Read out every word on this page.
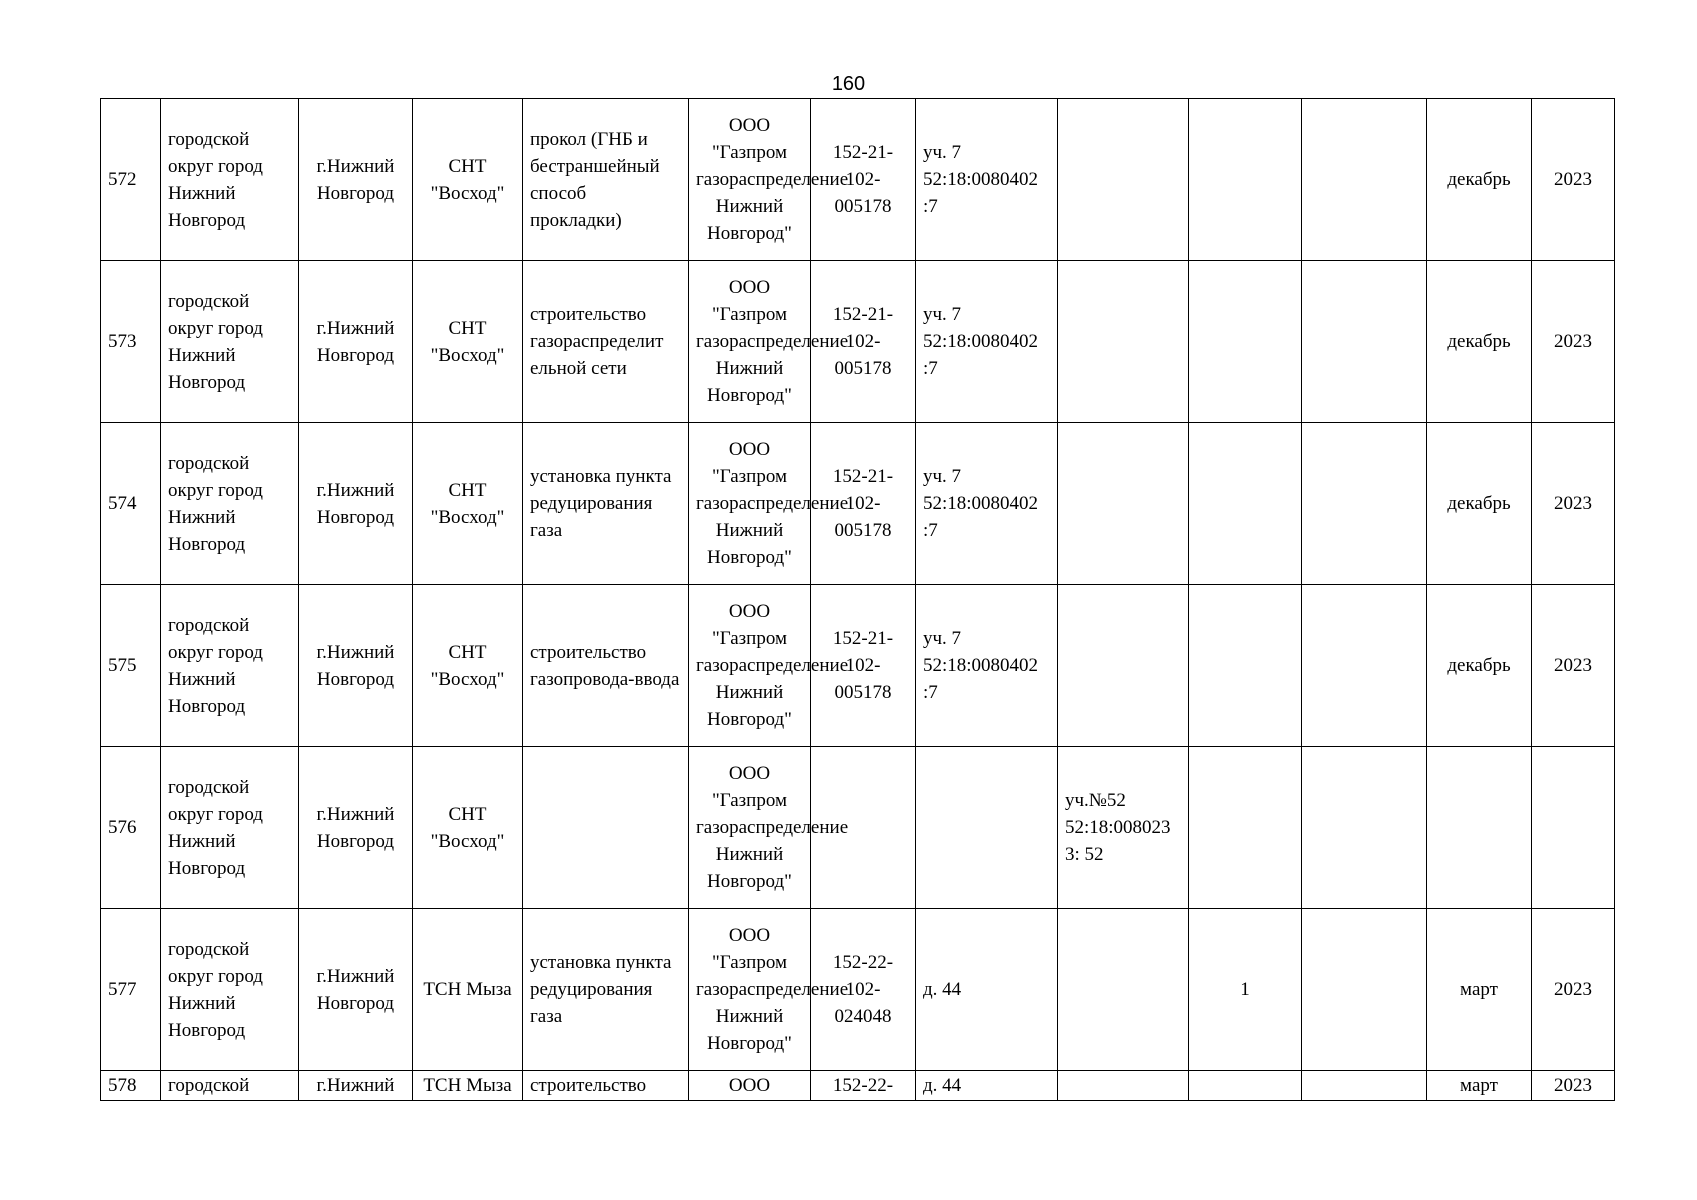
160
572	городской округ город Нижний Новгород	г.Нижний Новгород	СНТ "Восход"	прокол (ГНБ и бестраншейный способ прокладки)	ООО "Газпром газораспределение Нижний Новгород"	152-21-102-005178	уч. 7 52:18:0080402 :7				декабрь	2023
573	городской округ город Нижний Новгород	г.Нижний Новгород	СНТ "Восход"	строительство газораспределит ельной сети	ООО "Газпром газораспределение Нижний Новгород"	152-21-102-005178	уч. 7 52:18:0080402 :7				декабрь	2023
574	городской округ город Нижний Новгород	г.Нижний Новгород	СНТ "Восход"	установка пункта редуцирования газа	ООО "Газпром газораспределение Нижний Новгород"	152-21-102-005178	уч. 7 52:18:0080402 :7				декабрь	2023
575	городской округ город Нижний Новгород	г.Нижний Новгород	СНТ "Восход"	строительство газопровода-ввода	ООО "Газпром газораспределение Нижний Новгород"	152-21-102-005178	уч. 7 52:18:0080402 :7				декабрь	2023
576	городской округ город Нижний Новгород	г.Нижний Новгород	СНТ "Восход"		ООО "Газпром газораспределение Нижний Новгород"			уч.№52 52:18:008023 3: 52				
577	городской округ город Нижний Новгород	г.Нижний Новгород	ТСН Мыза	установка пункта редуцирования газа	ООО "Газпром газораспределение Нижний Новгород"	152-22-102-024048	д. 44		1		март	2023
578	городской	г.Нижний	ТСН Мыза	строительство	ООО	152-22-	д. 44				март	2023
